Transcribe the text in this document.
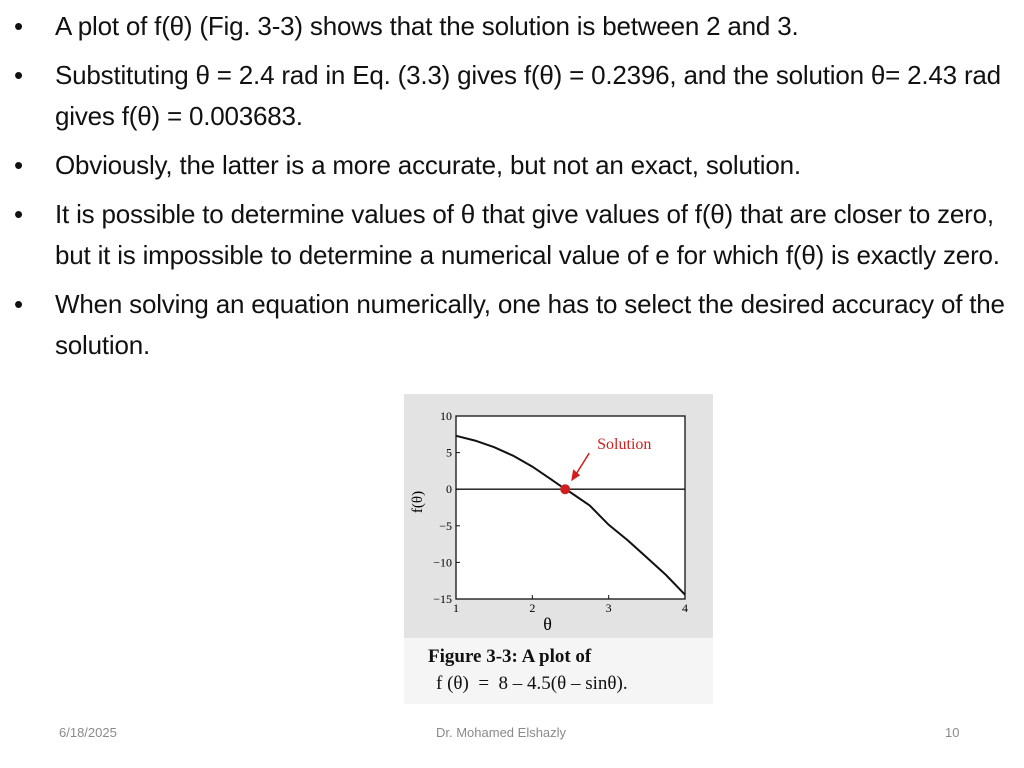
•	A plot of f(θ) (Fig. 3-3) shows that the solution is between 2 and 3.
•	Substituting θ = 2.4 rad in Eq. (3.3) gives f(θ) = 0.2396, and the solution θ= 2.43 rad gives f(θ) = 0.003683.
•	Obviously, the latter is a more accurate, but not an exact, solution.
•	It is possible to determine values of θ that give values of f(θ) that are closer to zero, but it is impossible to determine a numerical value of e for which f(θ) is exactly zero.
•	When solving an equation numerically, one has to select the desired accuracy of the solution.
10
5
0
−5
−10
−15
1	2	3	4
Solution
θ
f(θ)
Figure 3-3: A plot of
f (θ)  =  8 – 4.5(θ – sinθ).
6/18/2025	Dr. Mohamed Elshazly	10
